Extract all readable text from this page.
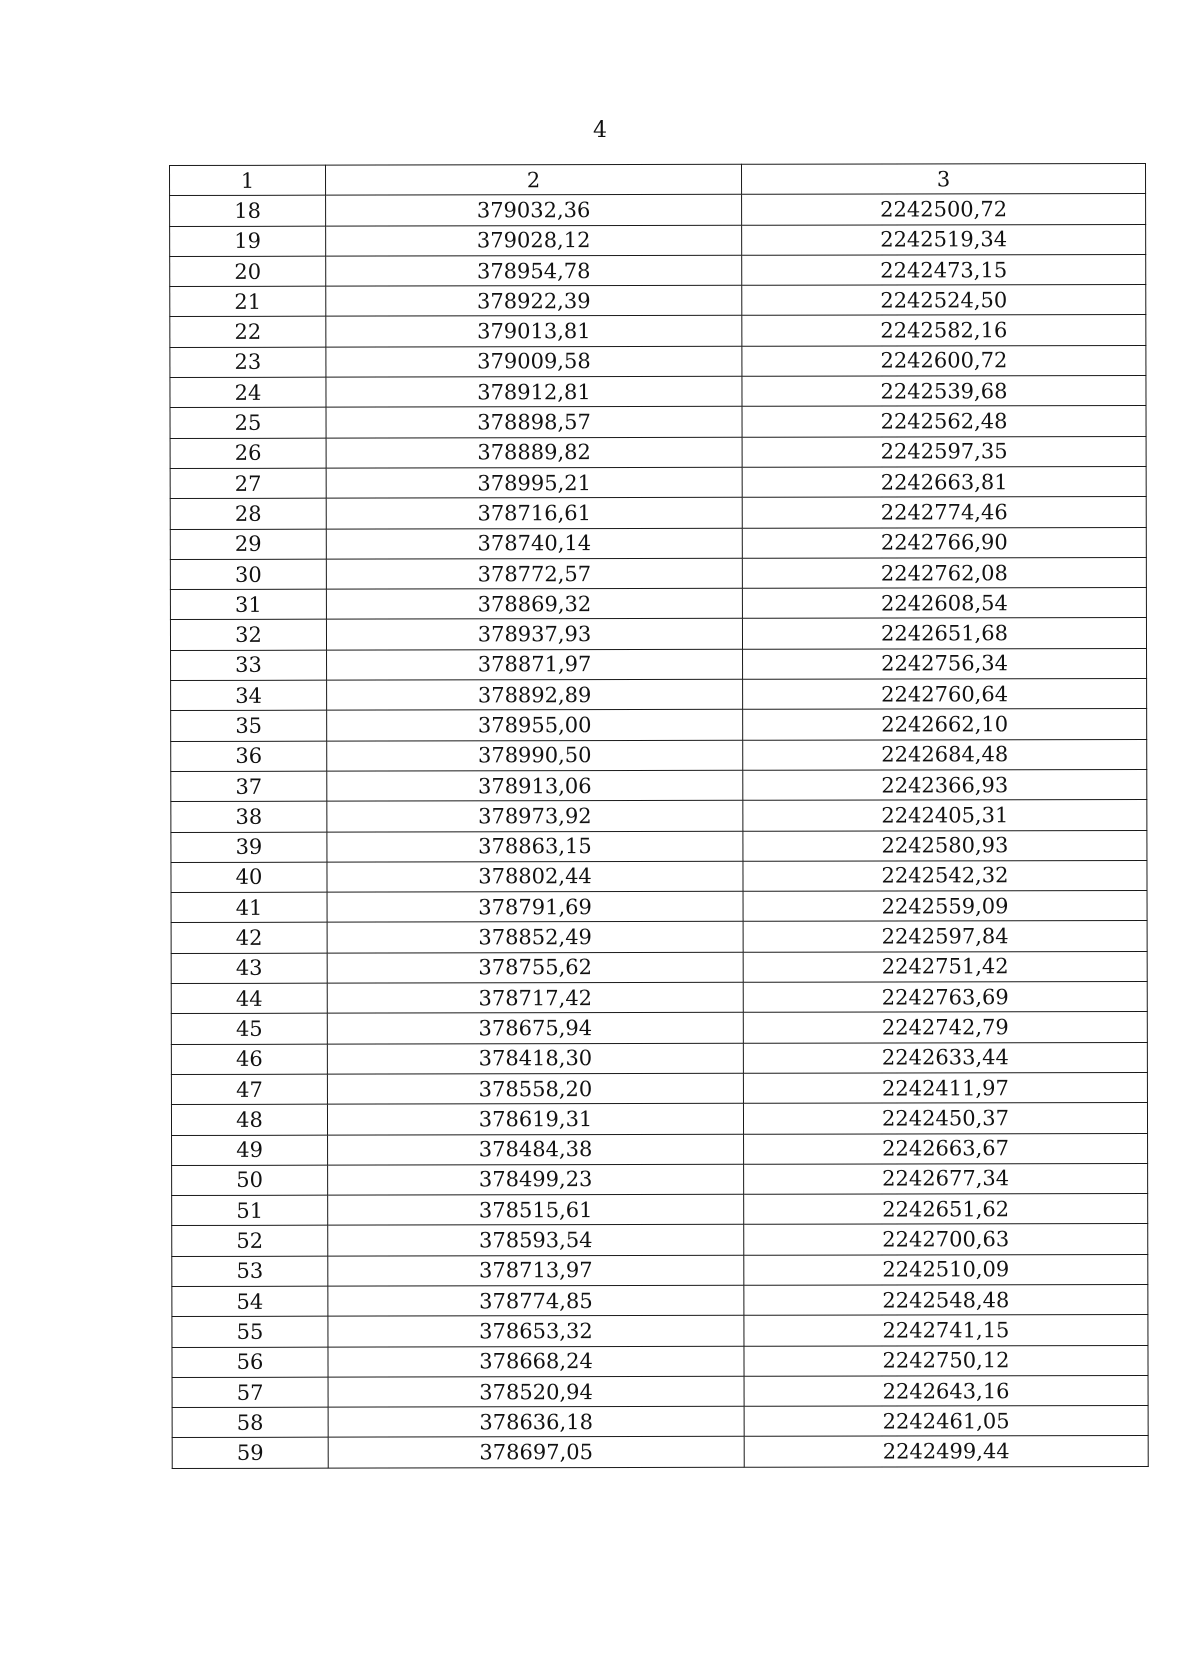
4
1	2	3
18	379032,36	2242500,72
19	379028,12	2242519,34
20	378954,78	2242473,15
21	378922,39	2242524,50
22	379013,81	2242582,16
23	379009,58	2242600,72
24	378912,81	2242539,68
25	378898,57	2242562,48
26	378889,82	2242597,35
27	378995,21	2242663,81
28	378716,61	2242774,46
29	378740,14	2242766,90
30	378772,57	2242762,08
31	378869,32	2242608,54
32	378937,93	2242651,68
33	378871,97	2242756,34
34	378892,89	2242760,64
35	378955,00	2242662,10
36	378990,50	2242684,48
37	378913,06	2242366,93
38	378973,92	2242405,31
39	378863,15	2242580,93
40	378802,44	2242542,32
41	378791,69	2242559,09
42	378852,49	2242597,84
43	378755,62	2242751,42
44	378717,42	2242763,69
45	378675,94	2242742,79
46	378418,30	2242633,44
47	378558,20	2242411,97
48	378619,31	2242450,37
49	378484,38	2242663,67
50	378499,23	2242677,34
51	378515,61	2242651,62
52	378593,54	2242700,63
53	378713,97	2242510,09
54	378774,85	2242548,48
55	378653,32	2242741,15
56	378668,24	2242750,12
57	378520,94	2242643,16
58	378636,18	2242461,05
59	378697,05	2242499,44
